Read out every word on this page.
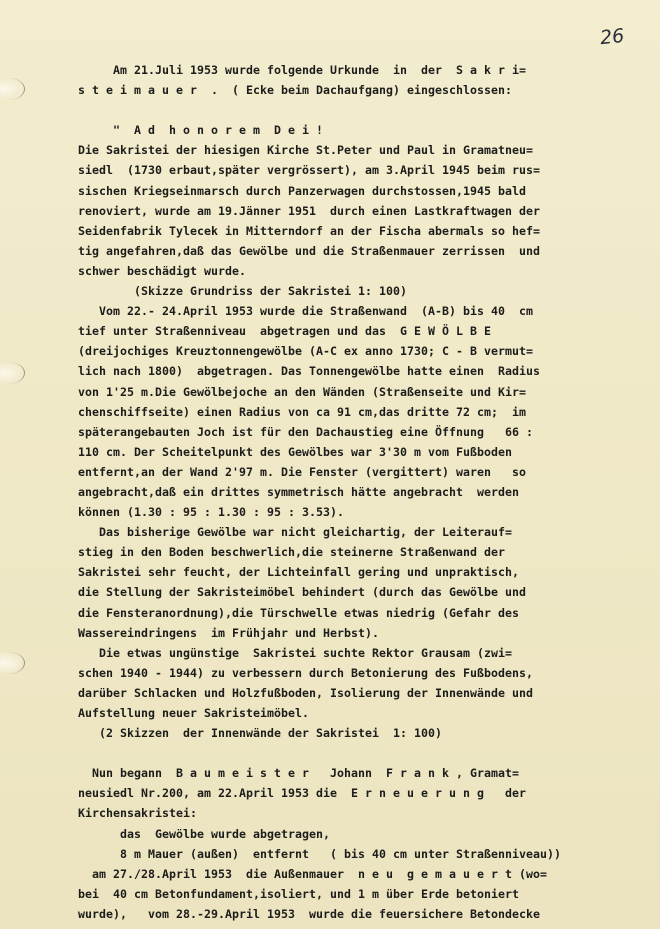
26
Am 21.Juli 1953 wurde folgende Urkunde  in  der  S a k r i=
s t e i m a u e r  .  ( Ecke beim Dachaufgang) eingeschlossen:
"  A d  h o n o r e m  D e i !
Die Sakristei der hiesigen Kirche St.Peter und Paul in Gramatneu=
siedl  (1730 erbaut,später vergrössert), am 3.April 1945 beim rus=
sischen Kriegseinmarsch durch Panzerwagen durchstossen,1945 bald
renoviert, wurde am 19.Jänner 1951  durch einen Lastkraftwagen der
Seidenfabrik Tylecek in Mitterndorf an der Fischa abermals so hef=
tig angefahren,daß das Gewölbe und die Straßenmauer zerrissen  und
schwer beschädigt wurde.
(Skizze Grundriss der Sakristei 1: 100)
Vom 22.- 24.April 1953 wurde die Straßenwand  (A-B) bis 40  cm
tief unter Straßenniveau  abgetragen und das  G E W Ö L B E
(dreijochiges Kreuztonnengewölbe (A-C ex anno 1730; C - B vermut=
lich nach 1800)  abgetragen. Das Tonnengewölbe hatte einen  Radius
von 1'25 m.Die Gewölbejoche an den Wänden (Straßenseite und Kir=
chenschiffseite) einen Radius von ca 91 cm,das dritte 72 cm;  im
späterangebauten Joch ist für den Dachaustieg eine Öffnung   66 :
110 cm. Der Scheitelpunkt des Gewölbes war 3'30 m vom Fußboden
entfernt,an der Wand 2'97 m. Die Fenster (vergittert) waren   so
angebracht,daß ein drittes symmetrisch hätte angebracht  werden
können (1.30 : 95 : 1.30 : 95 : 3.53).
Das bisherige Gewölbe war nicht gleichartig, der Leiterauf=
stieg in den Boden beschwerlich,die steinerne Straßenwand der
Sakristei sehr feucht, der Lichteinfall gering und unpraktisch,
die Stellung der Sakristeimöbel behindert (durch das Gewölbe und
die Fensteranordnung),die Türschwelle etwas niedrig (Gefahr des
Wassereindringens  im Frühjahr und Herbst).
Die etwas ungünstige  Sakristei suchte Rektor Grausam (zwi=
schen 1940 - 1944) zu verbessern durch Betonierung des Fußbodens,
darüber Schlacken und Holzfußboden, Isolierung der Innenwände und
Aufstellung neuer Sakristeimöbel.
(2 Skizzen  der Innenwände der Sakristei  1: 100)
Nun begann  B a u m e i s t e r   Johann  F r a n k , Gramat=
neusiedl Nr.200, am 22.April 1953 die  E r n e u e r u n g   der
Kirchensakristei:
das  Gewölbe wurde abgetragen,
8 m Mauer (außen)  entfernt   ( bis 40 cm unter Straßenniveau))
am 27./28.April 1953  die Außenmauer  n e u  g e m a u e r t (wo=
bei  40 cm Betonfundament,isoliert, und 1 m über Erde betoniert
wurde),   vom 28.-29.April 1953  wurde die feuersichere Betondecke
